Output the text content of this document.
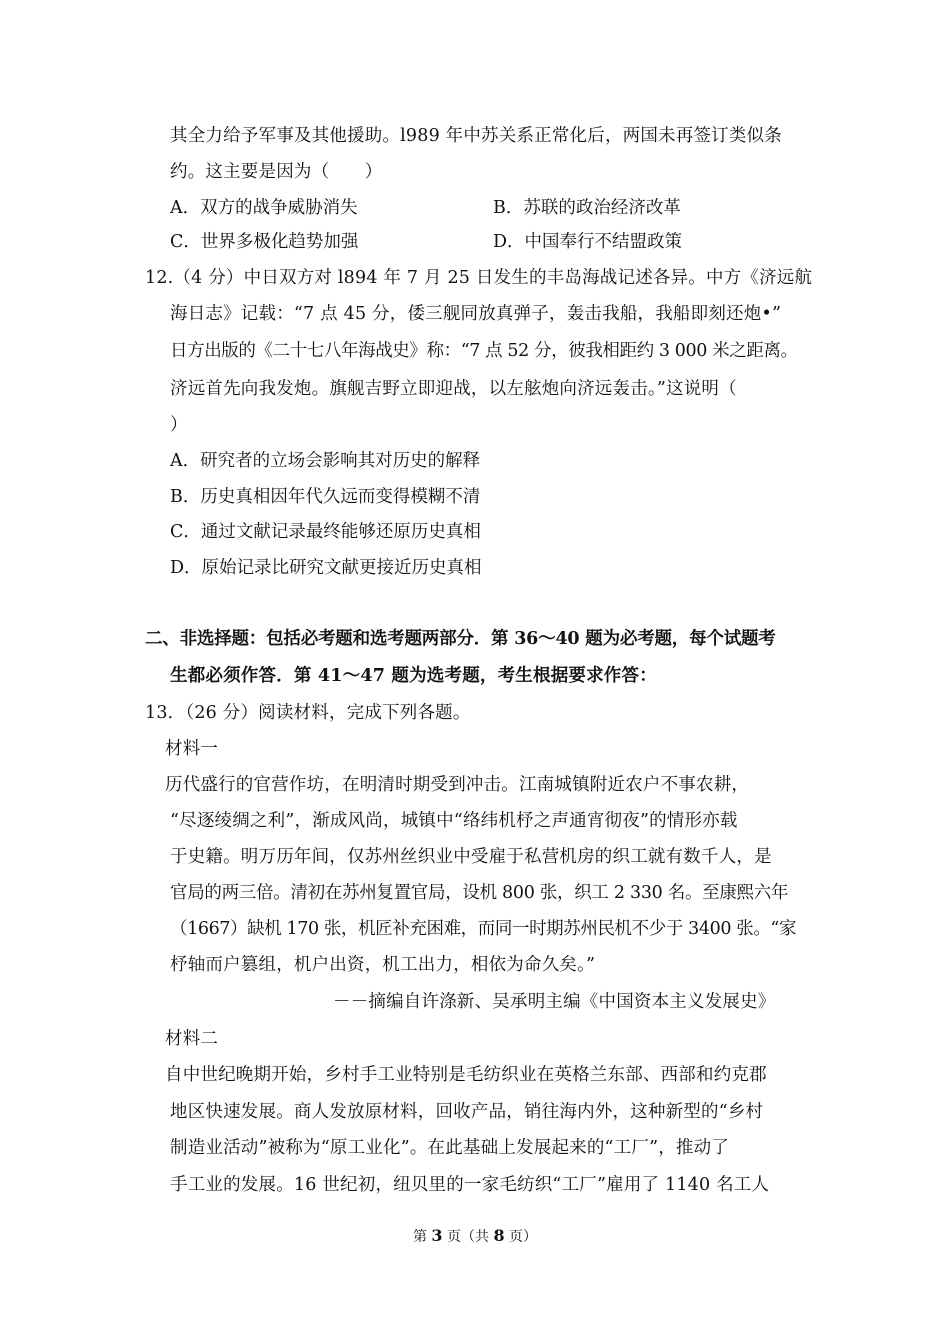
其全力给予军事及其他援助。l989 年中苏关系正常化后，两国未再签订类似条
约。这主要是因为（　　）
A．双方的战争威胁消失	B．苏联的政治经济改革
C．世界多极化趋势加强	D．中国奉行不结盟政策
12.（4 分）中日双方对 l894 年 7 月 25 日发生的丰岛海战记述各异。中方《济远航
海日志》记载：“7 点 45 分，倭三舰同放真弹子，轰击我船，我船即刻还炮•”
日方出版的《二十七八年海战史》称：“7 点 52 分，彼我相距约 3 000 米之距离。
济远首先向我发炮。旗舰吉野立即迎战，以左舷炮向济远轰击。”这说明（
）
A．研究者的立场会影响其对历史的解释
B．历史真相因年代久远而变得模糊不清
C．通过文献记录最终能够还原历史真相
D．原始记录比研究文献更接近历史真相
二、非选择题：包括必考题和选考题两部分．第 36～40 题为必考题，每个试题考
生都必须作答．第 41～47 题为选考题，考生根据要求作答：
13．（26 分）阅读材料，完成下列各题。
材料一
历代盛行的官营作坊，在明清时期受到冲击。江南城镇附近农户不事农耕，
“尽逐绫绸之利”，渐成风尚，城镇中“络纬机杼之声通宵彻夜”的情形亦载
于史籍。明万历年间，仅苏州丝织业中受雇于私营机房的织工就有数千人，是
官局的两三倍。清初在苏州复置官局，设机 800 张，织工 2 330 名。至康熙六年
（1667）缺机 170 张，机匠补充困难，而同一时期苏州民机不少于 3400 张。“家
杼轴而户篡组，机户出资，机工出力，相依为命久矣。”
－－摘编自许涤新、吴承明主编《中国资本主义发展史》
材料二
自中世纪晚期开始，乡村手工业特别是毛纺织业在英格兰东部、西部和约克郡
地区快速发展。商人发放原材料，回收产品，销往海内外，这种新型的“乡村
制造业活动”被称为“原工业化”。在此基础上发展起来的“工厂”，推动了
手工业的发展。16 世纪初，纽贝里的一家毛纺织“工厂”雇用了 1140 名工人
第 3 页（共 8 页）
